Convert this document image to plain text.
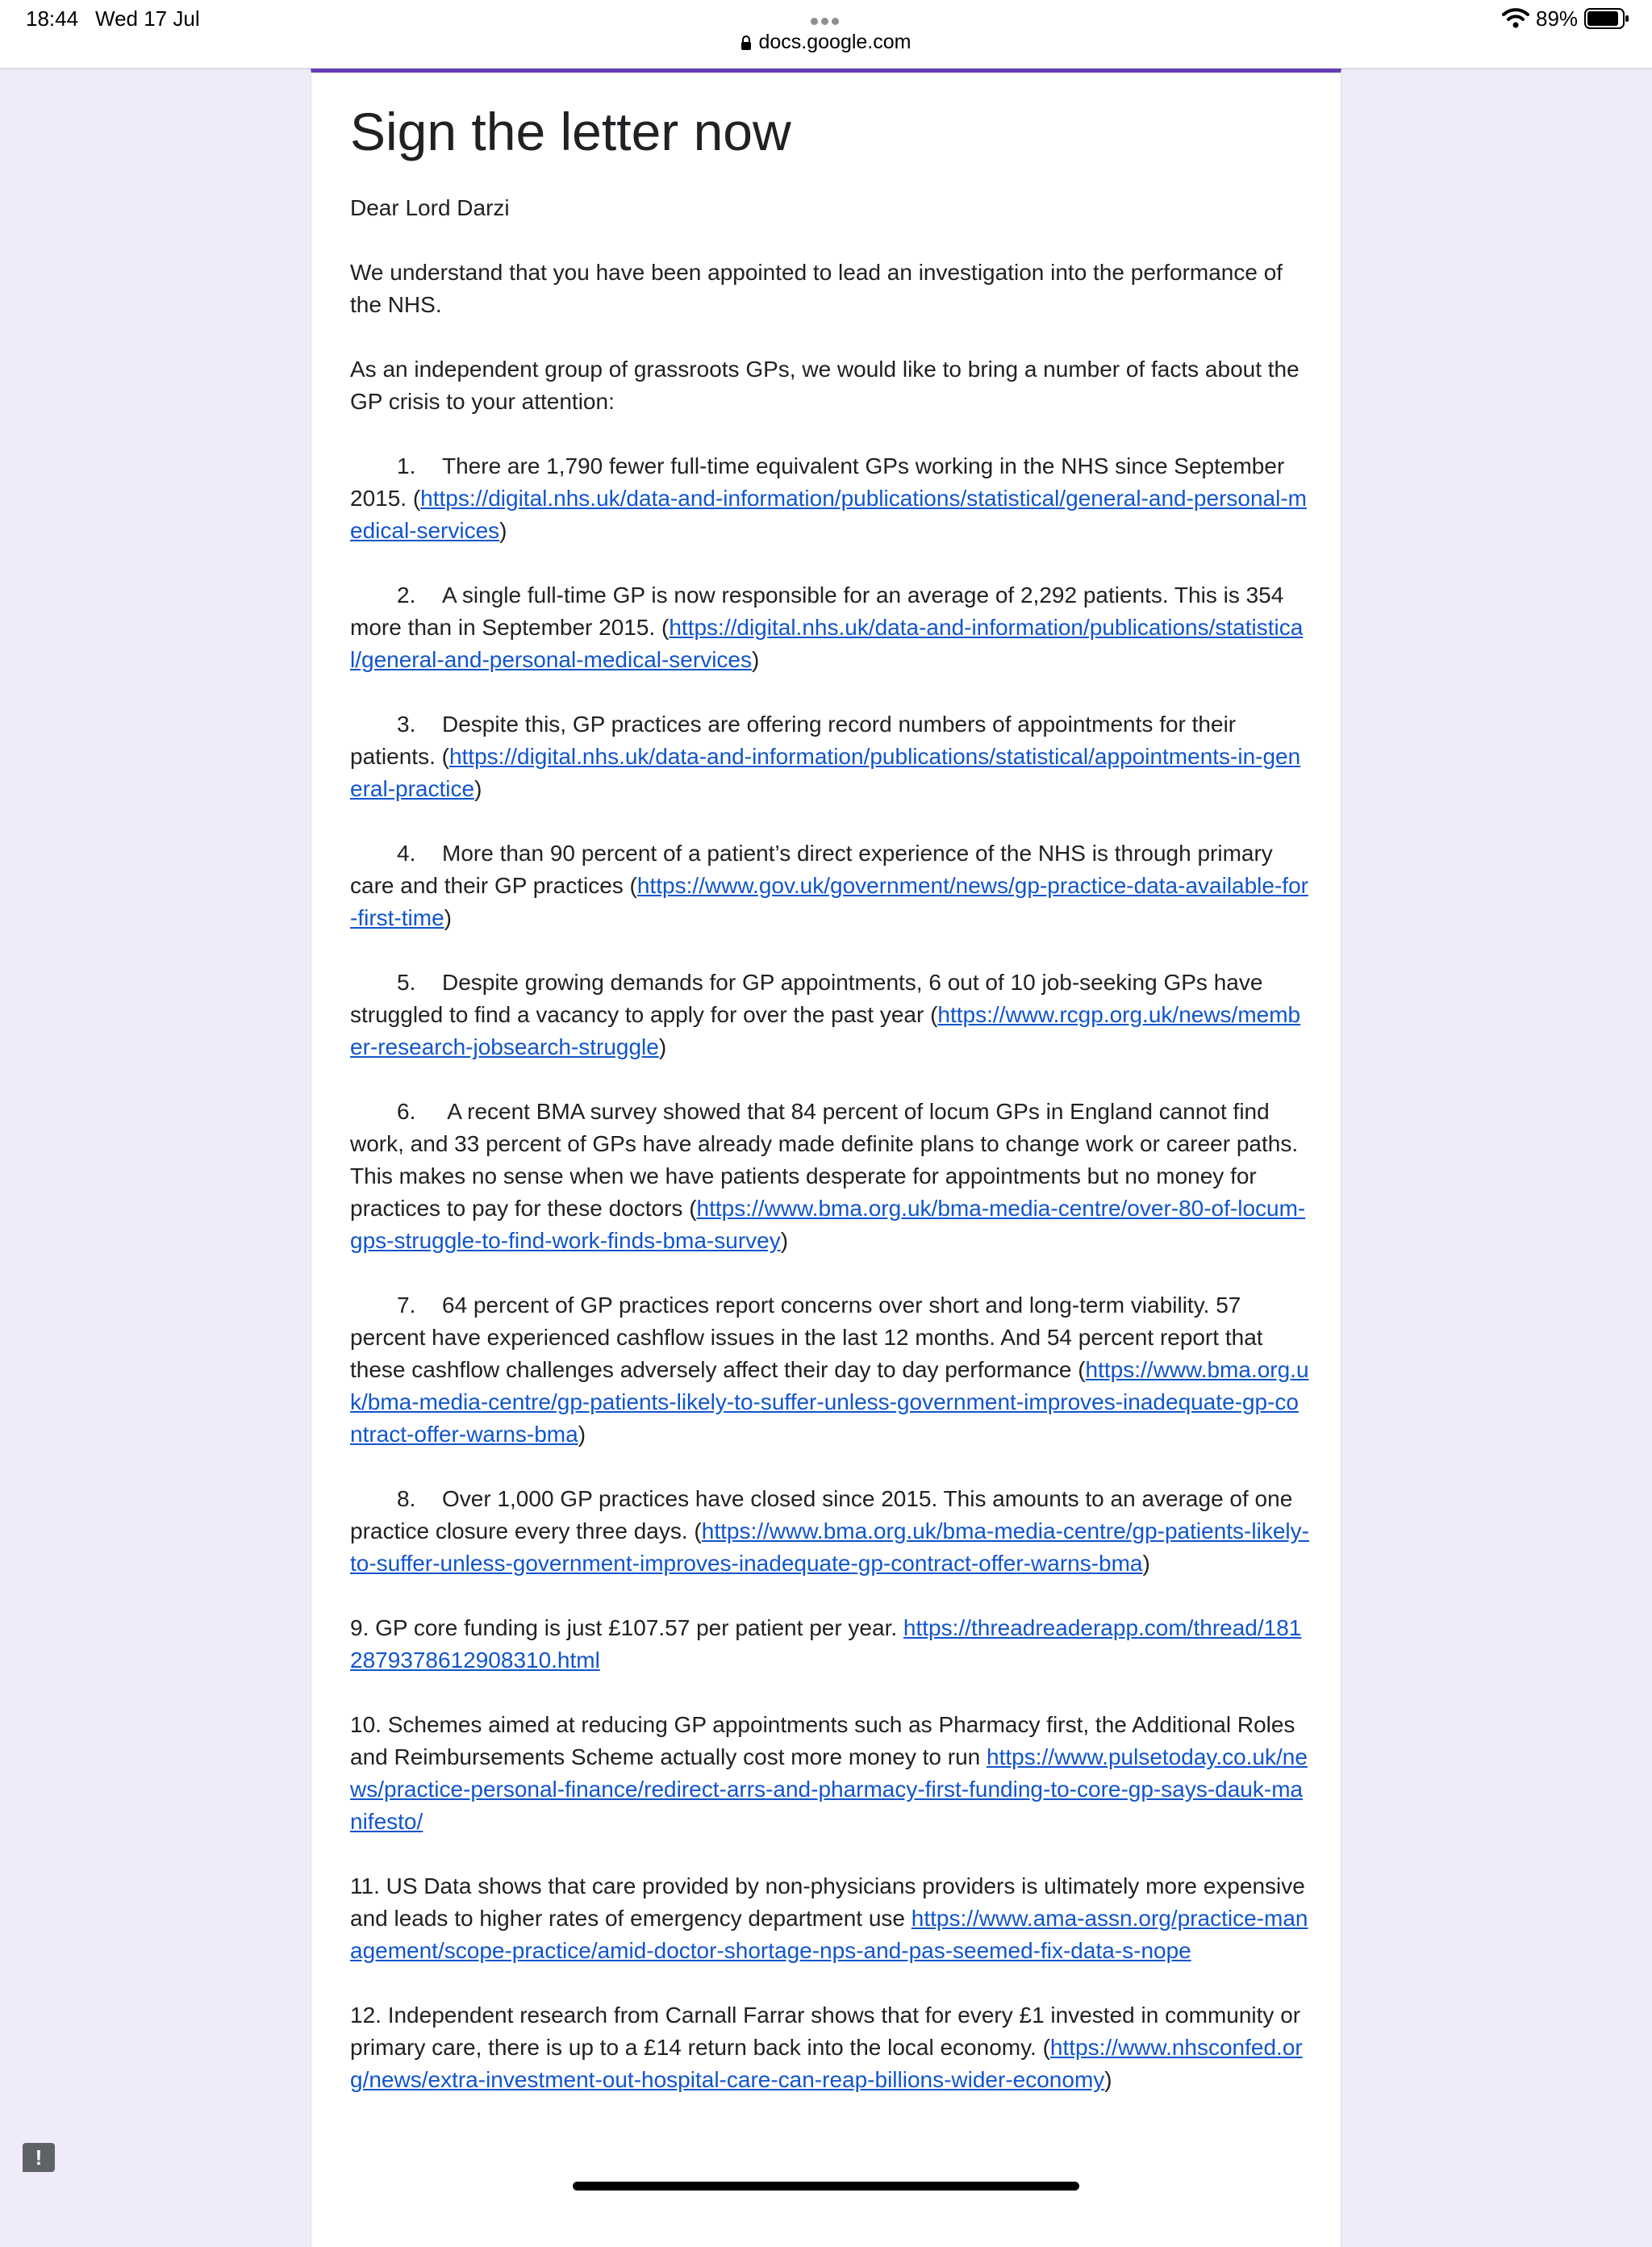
18:44 Wed 17 Jul
docs.google.com
89%
Sign the letter now

Dear Lord Darzi

We understand that you have been appointed to lead an investigation into the performance of the NHS.

As an independent group of grassroots GPs, we would like to bring a number of facts about the GP crisis to your attention:

1. There are 1,790 fewer full-time equivalent GPs working in the NHS since September 2015. (https://digital.nhs.uk/data-and-information/publications/statistical/general-and-personal-medical-services)

2. A single full-time GP is now responsible for an average of 2,292 patients. This is 354 more than in September 2015. (https://digital.nhs.uk/data-and-information/publications/statistical/general-and-personal-medical-services)

3. Despite this, GP practices are offering record numbers of appointments for their patients. (https://digital.nhs.uk/data-and-information/publications/statistical/appointments-in-general-practice)

4. More than 90 percent of a patient’s direct experience of the NHS is through primary care and their GP practices (https://www.gov.uk/government/news/gp-practice-data-available-for-first-time)

5. Despite growing demands for GP appointments, 6 out of 10 job-seeking GPs have struggled to find a vacancy to apply for over the past year (https://www.rcgp.org.uk/news/member-research-jobsearch-struggle)

6. A recent BMA survey showed that 84 percent of locum GPs in England cannot find work, and 33 percent of GPs have already made definite plans to change work or career paths. This makes no sense when we have patients desperate for appointments but no money for practices to pay for these doctors (https://www.bma.org.uk/bma-media-centre/over-80-of-locum-gps-struggle-to-find-work-finds-bma-survey)

7. 64 percent of GP practices report concerns over short and long-term viability. 57 percent have experienced cashflow issues in the last 12 months. And 54 percent report that these cashflow challenges adversely affect their day to day performance (https://www.bma.org.uk/bma-media-centre/gp-patients-likely-to-suffer-unless-government-improves-inadequate-gp-contract-offer-warns-bma)

8. Over 1,000 GP practices have closed since 2015. This amounts to an average of one practice closure every three days. (https://www.bma.org.uk/bma-media-centre/gp-patients-likely-to-suffer-unless-government-improves-inadequate-gp-contract-offer-warns-bma)

9. GP core funding is just £107.57 per patient per year. https://threadreaderapp.com/thread/1812879378612908310.html

10. Schemes aimed at reducing GP appointments such as Pharmacy first, the Additional Roles and Reimbursements Scheme actually cost more money to run https://www.pulsetoday.co.uk/news/practice-personal-finance/redirect-arrs-and-pharmacy-first-funding-to-core-gp-says-dauk-manifesto/

11. US Data shows that care provided by non-physicians providers is ultimately more expensive and leads to higher rates of emergency department use https://www.ama-assn.org/practice-management/scope-practice/amid-doctor-shortage-nps-and-pas-seemed-fix-data-s-nope

12. Independent research from Carnall Farrar shows that for every £1 invested in community or primary care, there is up to a £14 return back into the local economy. (https://www.nhsconfed.org/news/extra-investment-out-hospital-care-can-reap-billions-wider-economy)

!
